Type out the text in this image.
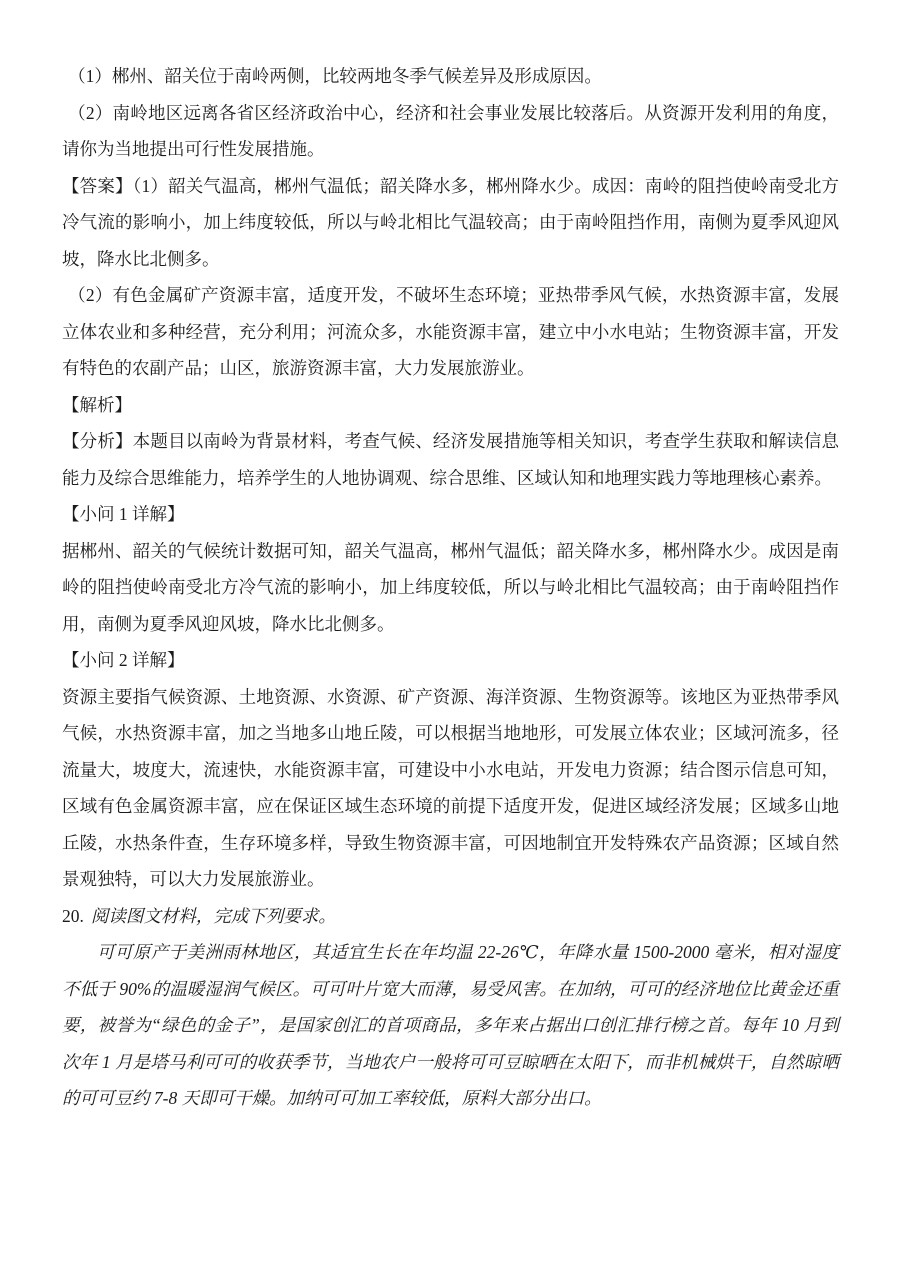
（1）郴州、韶关位于南岭两侧，比较两地冬季气候差异及形成原因。

（2）南岭地区远离各省区经济政治中心，经济和社会事业发展比较落后。从资源开发利用的角度，请你为当地提出可行性发展措施。

【答案】（1）韶关气温高，郴州气温低；韶关降水多，郴州降水少。成因：南岭的阻挡使岭南受北方冷气流的影响小，加上纬度较低，所以与岭北相比气温较高；由于南岭阻挡作用，南侧为夏季风迎风坡，降水比北侧多。

（2）有色金属矿产资源丰富，适度开发，不破坏生态环境；亚热带季风气候，水热资源丰富，发展立体农业和多种经营，充分利用；河流众多，水能资源丰富，建立中小水电站；生物资源丰富，开发有特色的农副产品；山区，旅游资源丰富，大力发展旅游业。

【解析】

【分析】本题目以南岭为背景材料，考查气候、经济发展措施等相关知识，考查学生获取和解读信息能力及综合思维能力，培养学生的人地协调观、综合思维、区域认知和地理实践力等地理核心素养。

【小问 1 详解】

据郴州、韶关的气候统计数据可知，韶关气温高，郴州气温低；韶关降水多，郴州降水少。成因是南岭的阻挡使岭南受北方冷气流的影响小，加上纬度较低，所以与岭北相比气温较高；由于南岭阻挡作用，南侧为夏季风迎风坡，降水比北侧多。

【小问 2 详解】

资源主要指气候资源、土地资源、水资源、矿产资源、海洋资源、生物资源等。该地区为亚热带季风气候，水热资源丰富，加之当地多山地丘陵，可以根据当地地形，可发展立体农业；区域河流多，径流量大，坡度大，流速快，水能资源丰富，可建设中小水电站，开发电力资源；结合图示信息可知，区域有色金属资源丰富，应在保证区域生态环境的前提下适度开发，促进区域经济发展；区域多山地丘陵，水热条件查，生存环境多样，导致生物资源丰富，可因地制宜开发特殊农产品资源；区域自然景观独特，可以大力发展旅游业。

20. 阅读图文材料，完成下列要求。

可可原产于美洲雨林地区，其适宜生长在年均温 22-26℃，年降水量 1500-2000 毫米，相对湿度不低于 90%的温暖湿润气候区。可可叶片宽大而薄，易受风害。在加纳，可可的经济地位比黄金还重要，被誉为“绿色的金子”，是国家创汇的首项商品，多年来占据出口创汇排行榜之首。每年 10 月到次年 1 月是塔马利可可的收获季节，当地农户一般将可可豆晾晒在太阳下，而非机械烘干，自然晾晒的可可豆约 7-8 天即可干燥。加纳可可加工率较低，原料大部分出口。
